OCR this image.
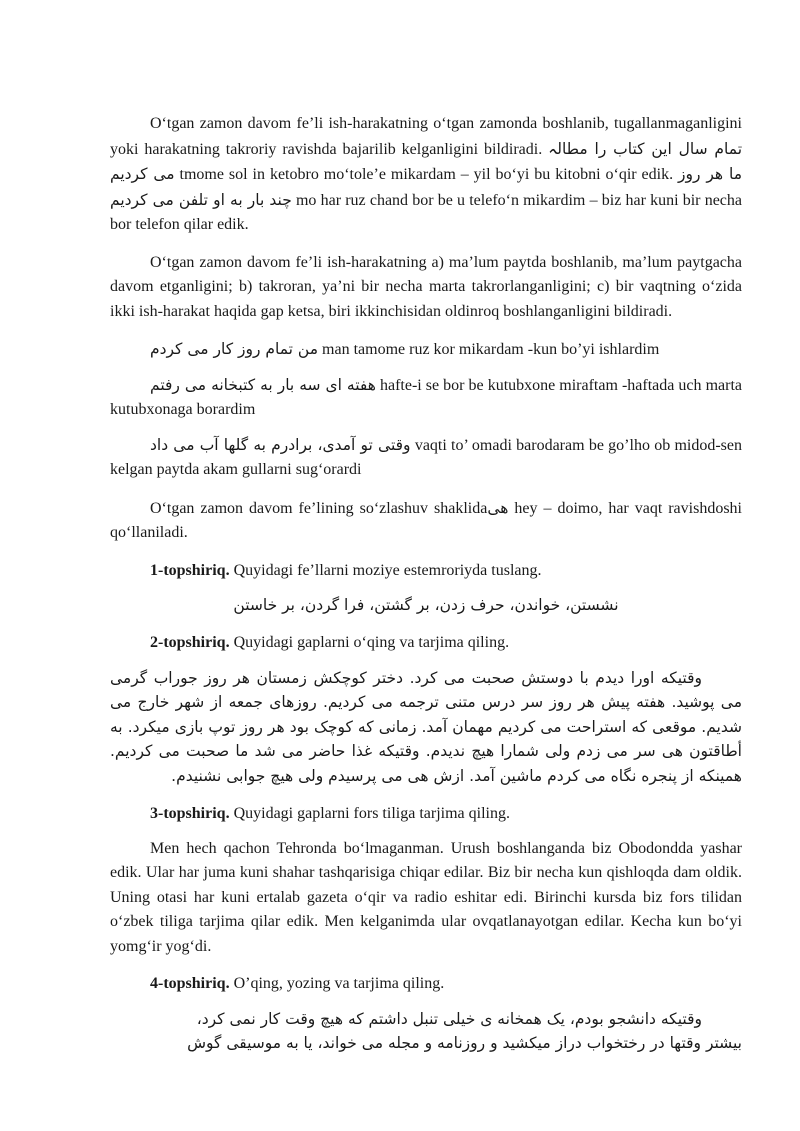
O‘tgan zamon davom fe’li ish-harakatning o‘tgan zamonda boshlanib, tugallanmaganligini yoki harakatning takroriy ravishda bajarilib kelganligini bildiradi. تمام سال این کتاب را مطالہ می کردیم tmome sol in ketobro mo‘tole’e mikardam – yil bo‘yi bu kitobni o‘qir edik. ما هر روز چند بار به او تلفن می کردیم mo har ruz chand bor be u telefo‘n mikardim – biz har kuni bir necha bor telefon qilar edik.

O‘tgan zamon davom fe’li ish-harakatning a) ma’lum paytda boshlanib, ma’lum paytgacha davom etganligini; b) takroran, ya’ni bir necha marta takrorlanganligini; c) bir vaqtning o‘zida ikki ish-harakat haqida gap ketsa, biri ikkinchisidan oldinroq boshlanganligini bildiradi.

من تمام روز کار می کردم man tamome ruz kor mikardam -kun bo’yi ishlardim

هفته ای سه بار به کتبخانه می رفتم hafte-i se bor be kutubxone miraftam -haftada uch marta kutubxonaga borardim

وقتی تو آمدی، برادرم به گلها آب می داد vaqti to’ omadi barodaram be go’lho ob midod-sen kelgan paytda akam gullarni sug‘orardi

O‘tgan zamon davom fe’lining so‘zlashuv shaklidaهی hey – doimo, har vaqt ravishdoshi qo‘llaniladi.

1-topshiriq. Quyidagi fe’llarni moziye estemroriyda tuslang.

نشستن، خواندن، حرف زدن، بر گشتن، فرا گردن، بر خاستن

2-topshiriq. Quyidagi gaplarni o‘qing va tarjima qiling.

وقتیکه اورا دیدم با دوستش صحبت می کرد. دختر کوچکش زمستان هر روز جوراب گرمی می پوشید. هفته پیش هر روز سر درس متنی ترجمه می کردیم. روزهای جمعه از شهر خارج می شدیم. موقعی که استراحت می کردیم مهمان آمد. زمانی که کوچک بود هر روز توپ بازی میکرد. به أطاقتون هی سر می زدم ولی شمارا هیچ ندیدم. وقتیکه غذا حاضر می شد ما صحبت می کردیم. همینکه از پنجره نگاه می کردم ماشین آمد. ازش هی می پرسیدم ولی هیچ جوابی نشنیدم.

3-topshiriq. Quyidagi gaplarni fors tiliga tarjima qiling.

Men hech qachon Tehronda bo‘lmaganman. Urush boshlanganda biz Obodondda yashar edik. Ular har juma kuni shahar tashqarisiga chiqar edilar. Biz bir necha kun qishloqda dam oldik. Uning otasi har kuni ertalab gazeta o‘qir va radio eshitar edi. Birinchi kursda biz fors tilidan o‘zbek tiliga tarjima qilar edik. Men kelganimda ular ovqatlanayotgan edilar. Kecha kun bo‘yi yomg‘ir yog‘di.

4-topshiriq. O’qing, yozing va tarjima qiling.

وقتیکه دانشجو بودم، یک همخانه ی خیلی تنبل داشتم که هیچ وقت کار نمی کرد،
بیشتر وقتها در رختخواب دراز میکشید و روزنامه و مجله می خواند، یا به موسیقی گوش
